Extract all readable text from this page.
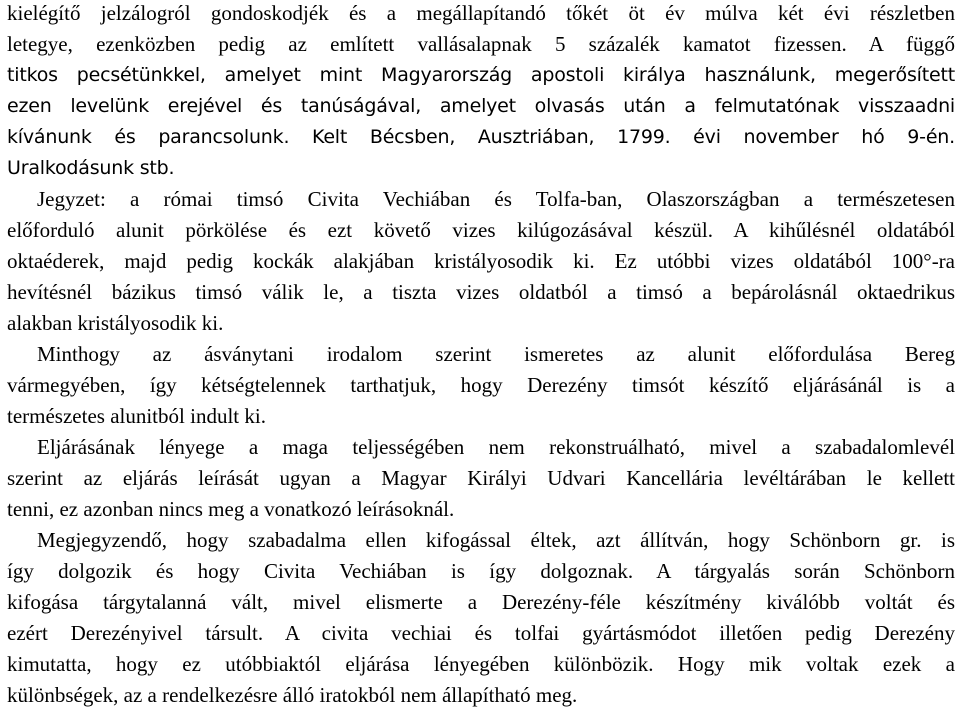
kielégítő jelzálogról gondoskodjék és a megállapítandó tőkét öt év múlva két évi részletben
letegye, ezenközben pedig az említett vallásalapnak 5 százalék kamatot fizessen. A függő
titkos pecsétünkkel, amelyet mint Magyarország apostoli királya használunk, megerősített
ezen levelünk erejével és tanúságával, amelyet olvasás után a felmutatónak visszaadni
kívánunk és parancsolunk. Kelt Bécsben, Ausztriában, 1799. évi november hó 9-én.
Uralkodásunk stb.
Jegyzet: a római timsó Civita Vechiában és Tolfa-ban, Olaszországban a természetesen
előforduló alunit pörkölése és ezt követő vizes kilúgozásával készül. A kihűlésnél oldatából
oktaéderek, majd pedig kockák alakjában kristályosodik ki. Ez utóbbi vizes oldatából 100°-ra
hevítésnél bázikus timsó válik le, a tiszta vizes oldatból a timsó a bepárolásnál oktaedrikus
alakban kristályosodik ki.
Minthogy az ásványtani irodalom szerint ismeretes az alunit előfordulása Bereg
vármegyében, így kétségtelennek tarthatjuk, hogy Derezény timsót készítő eljárásánál is a
természetes alunitból indult ki.
Eljárásának lényege a maga teljességében nem rekonstruálható, mivel a szabadalomlevél
szerint az eljárás leírását ugyan a Magyar Királyi Udvari Kancellária levéltárában le kellett
tenni, ez azonban nincs meg a vonatkozó leírásoknál.
Megjegyzendő, hogy szabadalma ellen kifogással éltek, azt állítván, hogy Schönborn gr. is
így dolgozik és hogy Civita Vechiában is így dolgoznak. A tárgyalás során Schönborn
kifogása tárgytalanná vált, mivel elismerte a Derezény-féle készítmény kiválóbb voltát és
ezért Derezényivel társult. A civita vechiai és tolfai gyártásmódot illetően pedig Derezény
kimutatta, hogy ez utóbbiaktól eljárása lényegében különbözik. Hogy mik voltak ezek a
különbségek, az a rendelkezésre álló iratokból nem állapítható meg.
